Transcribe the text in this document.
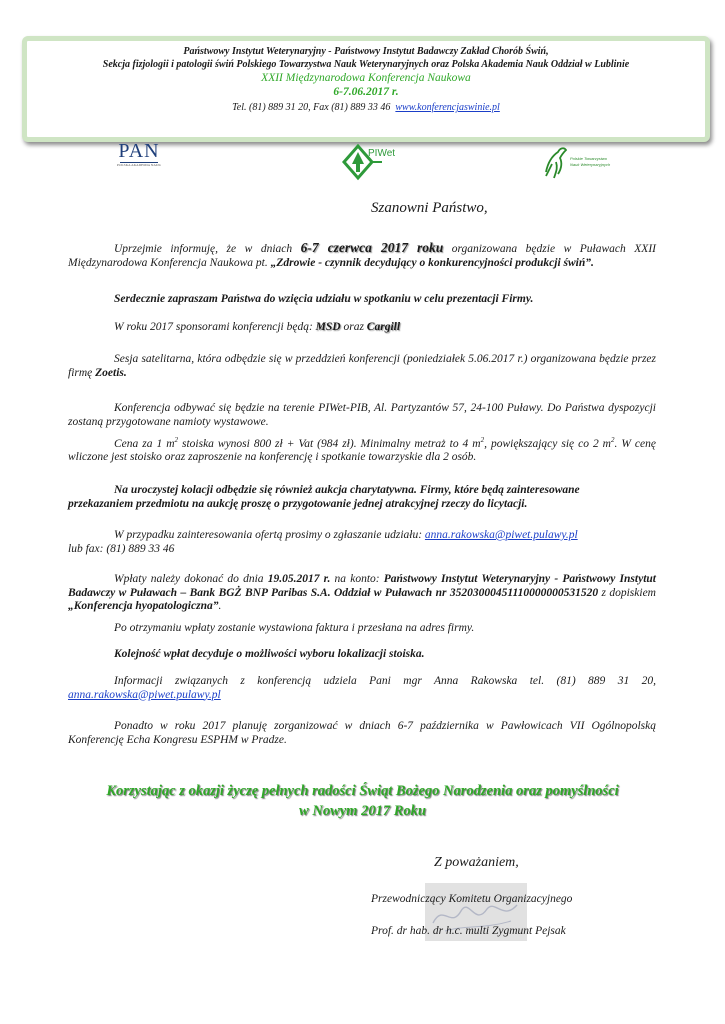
Państwowy Instytut Weterynaryjny - Państwowy Instytut Badawczy Zakład Chorób Świń,
Sekcja fizjologii i patologii świń Polskiego Towarzystwa Nauk Weterynaryjnych oraz Polska Akademia Nauk Oddział w Lublinie
XXII Międzynarodowa Konferencja Naukowa
6-7.06.2017 r.
Tel. (81) 889 31 20, Fax (81) 889 33 46 www.konferencjaswinie.pl
PAN
POLSKA AKADEMIA NAUK
PIWet	Polskie Towarzystwo
Nauk Weterynaryjnych
Szanowni Państwo,

Uprzejmie informuję, że w dniach 6-7 czerwca 2017 roku organizowana będzie w Puławach XXII Międzynarodowa Konferencja Naukowa pt. „Zdrowie - czynnik decydujący o konkurencyjności produkcji świń”.

Serdecznie zapraszam Państwa do wzięcia udziału w spotkaniu w celu prezentacji Firmy.

W roku 2017 sponsorami konferencji będą: MSD oraz Cargill

Sesja satelitarna, która odbędzie się w przeddzień konferencji (poniedziałek 5.06.2017 r.) organizowana będzie przez firmę Zoetis.

Konferencja odbywać się będzie na terenie PIWet-PIB, Al. Partyzantów 57, 24-100 Puławy. Do Państwa dyspozycji zostaną przygotowane namioty wystawowe.

Cena za 1 $m^2$ stoiska wynosi 800 zł + Vat (984 zł). Minimalny metraż to 4 $m^2$, powiększający się co 2 $m^2$. W cenę wliczone jest stoisko oraz zaproszenie na konferencję i spotkanie towarzyskie dla 2 osób.

Na uroczystej kolacji odbędzie się również aukcja charytatywna. Firmy, które będą zainteresowane przekazaniem przedmiotu na aukcję proszę o przygotowanie jednej atrakcyjnej rzeczy do licytacji.

W przypadku zainteresowania ofertą prosimy o zgłaszanie udziału: anna.rakowska@piwet.pulawy.pl
lub fax: (81) 889 33 46

Wpłaty należy dokonać do dnia 19.05.2017 r. na konto: Państwowy Instytut Weterynaryjny - Państwowy Instytut Badawczy w Puławach – Bank BGŻ BNP Paribas S.A. Oddział w Puławach nr 35203000451110000000531520 z dopiskiem „Konferencja hyopatologiczna”.

Po otrzymaniu wpłaty zostanie wystawiona faktura i przesłana na adres firmy.

Kolejność wpłat decyduje o możliwości wyboru lokalizacji stoiska.

Informacji związanych z konferencją udziela Pani mgr Anna Rakowska tel. (81) 889 31 20, anna.rakowska@piwet.pulawy.pl

Ponadto w roku 2017 planuję zorganizować w dniach 6-7 października w Pawłowicach VII Ogólnopolską Konferencję Echa Kongresu ESPHM w Pradze.

Korzystając z okazji życzę pełnych radości Świąt Bożego Narodzenia oraz pomyślności
w Nowym 2017 Roku
Z poważaniem,
Przewodniczący Komitetu Organizacyjnego
Prof. dr hab. dr h.c. multi Zygmunt Pejsak
